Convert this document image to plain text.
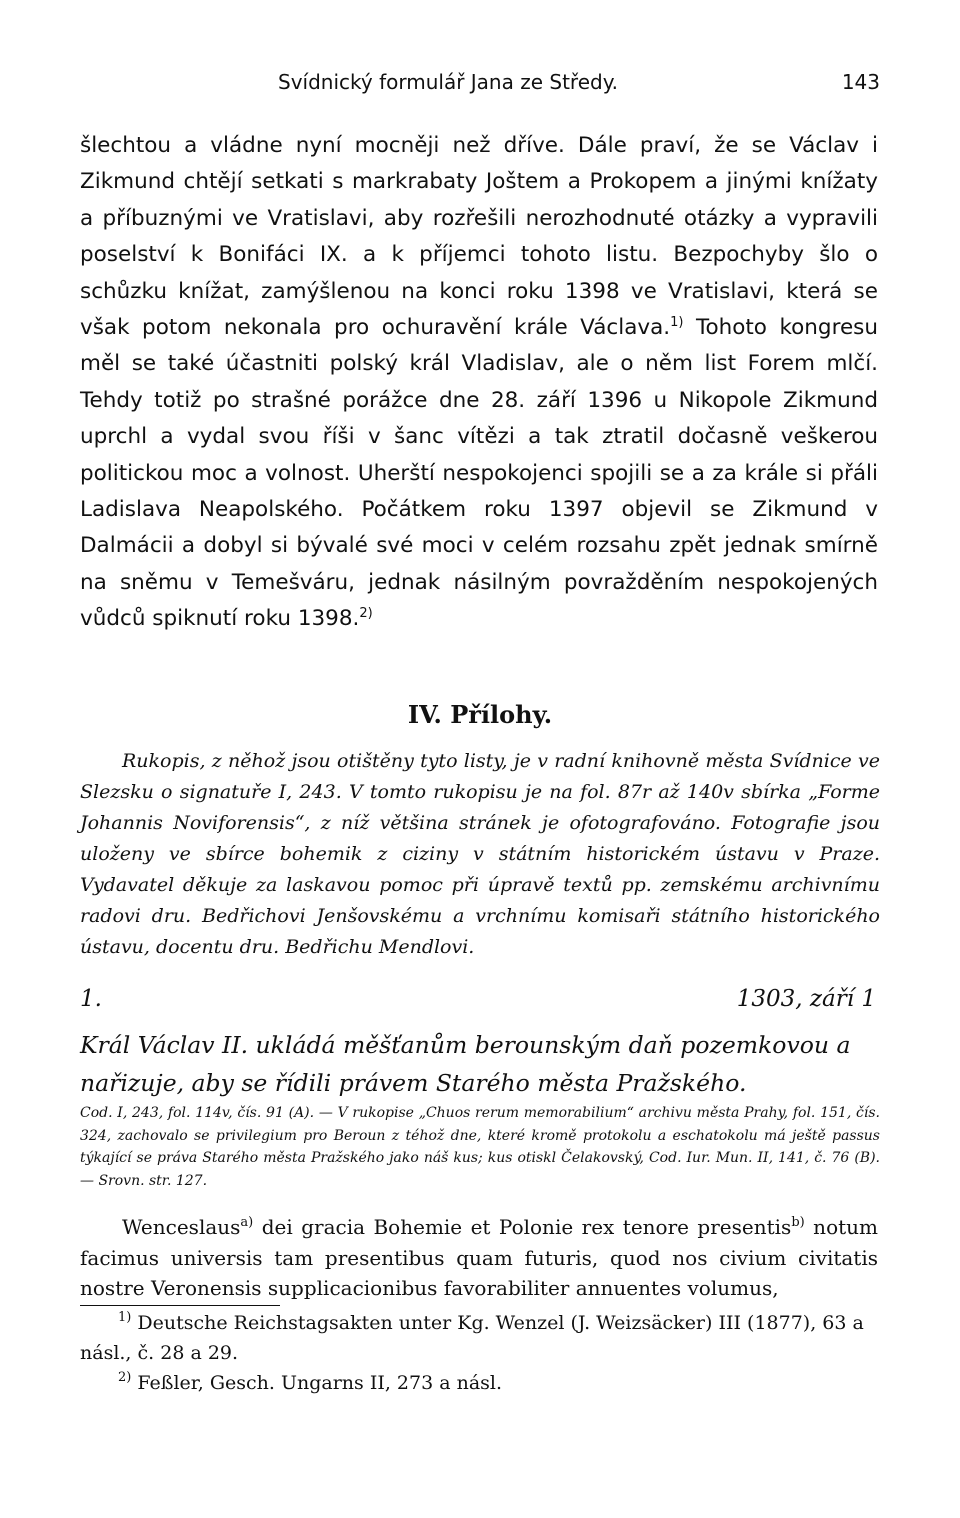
Svídnický formulář Jana ze Středy.	143

šlechtou a vládne nyní mocněji než dříve. Dále praví, že se Václav i Zikmund chtějí setkati s markrabaty Joštem a Prokopem a jinými knížaty a příbuznými ve Vratislavi, aby rozřešili nerozhodnuté otázky a vypravili poselství k Bonifáci IX. a k příjemci tohoto listu. Bezpochyby šlo o schůzku knížat, zamýšlenou na konci roku 1398 ve Vratislavi, která se však potom nekonala pro ochuravění krále Václava.$^{1)}$ Tohoto kongresu měl se také účastniti polský král Vladislav, ale o něm list Forem mlčí. Tehdy totiž po strašné porážce dne 28. září 1396 u Nikopole Zikmund uprchl a vydal svou říši v šanc vítězi a tak ztratil dočasně veškerou politickou moc a volnost. Uherští nespokojenci spojili se a za krále si přáli Ladislava Neapolského. Počátkem roku 1397 objevil se Zikmund v Dalmácii a dobyl si bývalé své moci v celém rozsahu zpět jednak smírně na sněmu v Temešváru, jednak násilným povražděním nespokojených vůdců spiknutí roku 1398.$^{2)}$

IV. Přílohy.
Rukopis, z něhož jsou otištěny tyto listy, je v radní knihovně města Svídnice ve Slezsku o signatuře I, 243. V tomto rukopisu je na fol. 87r až 140v sbírka „Forme Johannis Noviforensis“, z níž většina stránek je ofotografováno. Fotografie jsou uloženy ve sbírce bohemik z ciziny v státním historickém ústavu v Praze. Vydavatel děkuje za laskavou pomoc při úpravě textů pp. zemskému archivnímu radovi dru. Bedřichovi Jenšovskému a vrchnímu komisaři státního historického ústavu, docentu dru. Bedřichu Mendlovi.
1.	1303, září 1
Král Václav II. ukládá měšťanům berounským daň pozemkovou a nařizuje, aby se řídili právem Starého města Pražského.
Cod. I, 243, fol. 114v, čís. 91 (A). — V rukopise „Chuos rerum memorabilium“ archivu města Prahy, fol. 151, čís. 324, zachovalo se privilegium pro Beroun z téhož dne, které kromě protokolu a eschatokolu má ještě passus týkající se práva Starého města Pražského jako náš kus; kus otiskl Čelakovský, Cod. Iur. Mun. II, 141, č. 76 (B). — Srovn. str. 127.
Wenceslaus$^{a)}$ dei gracia Bohemie et Polonie rex tenore presentis$^{b)}$ notum facimus universis tam presentibus quam futuris, quod nos civium civitatis nostre Veronensis supplicacionibus favorabiliter annuentes volumus,

$^{1)}$ Deutsche Reichstagsakten unter Kg. Wenzel (J. Weizsäcker) III (1877), 63 a násl., č. 28 a 29.

$^{2)}$ Feßler, Gesch. Ungarns II, 273 a násl.
